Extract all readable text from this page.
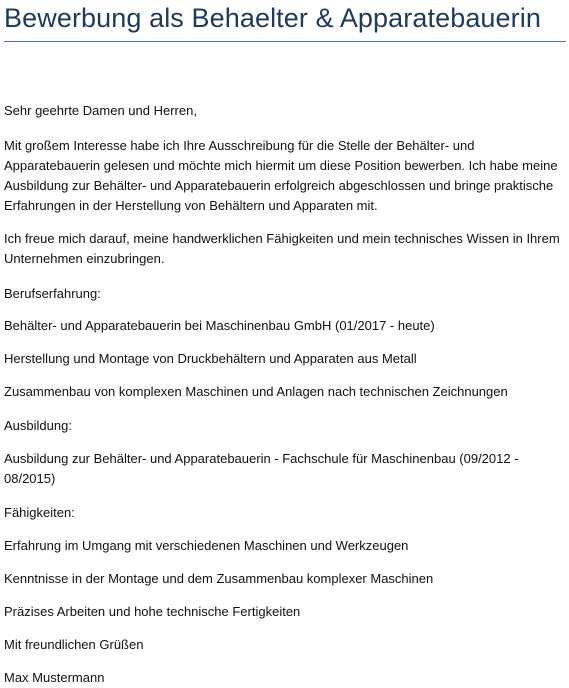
Bewerbung als Behaelter & Apparatebauerin

Sehr geehrte Damen und Herren,

Mit großem Interesse habe ich Ihre Ausschreibung für die Stelle der Behälter- und Apparatebauerin gelesen und möchte mich hiermit um diese Position bewerben. Ich habe meine Ausbildung zur Behälter- und Apparatebauerin erfolgreich abgeschlossen und bringe praktische Erfahrungen in der Herstellung von Behältern und Apparaten mit.

Ich freue mich darauf, meine handwerklichen Fähigkeiten und mein technisches Wissen in Ihrem Unternehmen einzubringen.

Berufserfahrung:

Behälter- und Apparatebauerin bei Maschinenbau GmbH (01/2017 - heute)

Herstellung und Montage von Druckbehältern und Apparaten aus Metall

Zusammenbau von komplexen Maschinen und Anlagen nach technischen Zeichnungen

Ausbildung:

Ausbildung zur Behälter- und Apparatebauerin - Fachschule für Maschinenbau (09/2012 - 08/2015)

Fähigkeiten:

Erfahrung im Umgang mit verschiedenen Maschinen und Werkzeugen

Kenntnisse in der Montage und dem Zusammenbau komplexer Maschinen

Präzises Arbeiten und hohe technische Fertigkeiten

Mit freundlichen Grüßen

Max Mustermann
